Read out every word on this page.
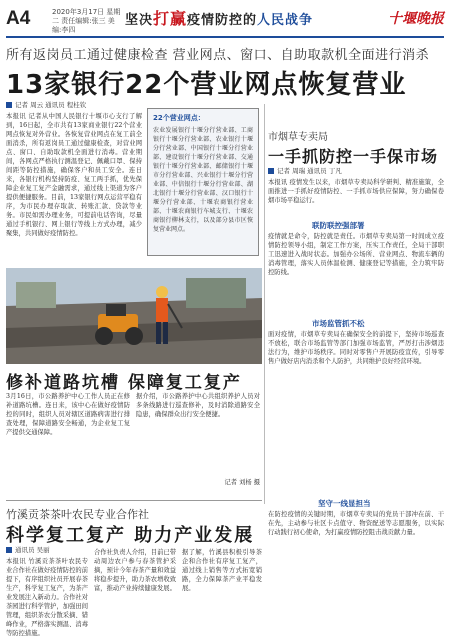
A4	2020年3月17日 星期二 责任编辑:张三 美编:李四
坚决打赢疫情防控的人民战争	十堰晚报
所有返岗员工通过健康检查 营业网点、窗口、自助取款机全面进行消杀
13家银行22个营业网点恢复营业
记者 周云 通讯员 程桂钦
本报讯 记者从中国人民银行十堰市心支行了解到，16日起，全市共有13家商业银行22个营业网点恢复对外营业。各恢复营业网点在复工前全面消杀，所有返岗员工通过健康检查，对营业网点、窗口、自助取款机全面进行消毒。营业期间，各网点严格执行测温登记、佩戴口罩、保持间距等防控措施，确保客户和员工安全。连日来，各银行机构坚持防疫、复工两手抓，优先保障企业复工复产金融需求，通过线上渠道为客户提供便捷服务。目前，13家银行网点运营平稳有序，为市民办理存取款、转账汇款、贷款等业务。市民如需办理业务，可提前电话咨询，尽量通过手机银行、网上银行等线上方式办理，减少聚集，共同做好疫情防控。
22个营业网点：
农业发展银行十堰分行营业部、工商银行十堰分行营业部、农业银行十堰分行营业部、中国银行十堰分行营业部、建设银行十堰分行营业部、交通银行十堰分行营业部、邮储银行十堰市分行营业部、兴业银行十堰分行营业部、中信银行十堰分行营业部、湖北银行十堰分行营业部、汉口银行十堰分行营业部、十堰农商银行营业部、十堰农商银行车城支行、十堰农商银行柳林支行，以及部分县市区恢复营业网点。
市烟草专卖局
一手抓防控一手保市场
记者 周瑞 通讯员 丁凡
本报讯 疫情发生以来，市烟草专卖局科学研判、精准施策，全面推进一手抓好疫情防控、一手抓市场供应保障，努力确保卷烟市场平稳运行。
联防联控强部署
疫情就是命令，防控就是责任。市烟草专卖局第一时间成立疫情防控领导小组，制定工作方案，压实工作责任，全局干部职工迅速进入战时状态。加强办公场所、营业网点、物流车辆的消毒管理，落实人员体温检测、健康登记等措施，全力筑牢防控防线。
市场监管抓不松
面对疫情，市烟草专卖局在确保安全的前提下，坚持市场巡查不放松，联合市场监管等部门加强市场监管，严厉打击涉烟违法行为，维护市场秩序。同时对零售户开展防疫宣传，引导零售户做好店内消杀和个人防护，共同维护良好经营环境。
坚守一线显担当
在防控疫情的关键时期，市烟草专卖局的党员干部冲在前、干在先，主动参与社区卡点值守、物资配送等志愿服务，以实际行动践行初心使命，为打赢疫情防控阻击战贡献力量。
修补道路坑槽 保障复工复产
3月16日，市公路养护中心工作人员正在修补道路坑槽。连日来，该中心在做好疫情防控的同时，组织人员对辖区道路病害进行排查处理，保障道路安全畅通，为企业复工复产提供交通保障。
据介绍，市公路养护中心共组织养护人员对多条线路进行巡查修补，及时消除道路安全隐患，确保群众出行安全便捷。
记者 刘杨 摄
竹溪贡茶茶叶农民专业合作社
科学复工复产 助力产业发展
通讯员 吴丽
本报讯 竹溪贡茶茶叶农民专业合作社在做好疫情防控的前提下，有序组织社员开展春茶生产，科学复工复产，为茶产业发展注入新动力。合作社对茶园进行科学管护，加强田间管理，组织茶农分散采摘、错峰作业，严格落实测温、消毒等防控措施。
合作社负责人介绍，目前已带动周边农户参与春茶管护采摘，预计今年春茶产量和效益将稳步提升，助力茶农增收致富，推动产业持续健康发展。
据了解，竹溪县积极引导茶企和合作社有序复工复产，通过线上销售等方式拓宽销路，全力保障茶产业平稳发展。
